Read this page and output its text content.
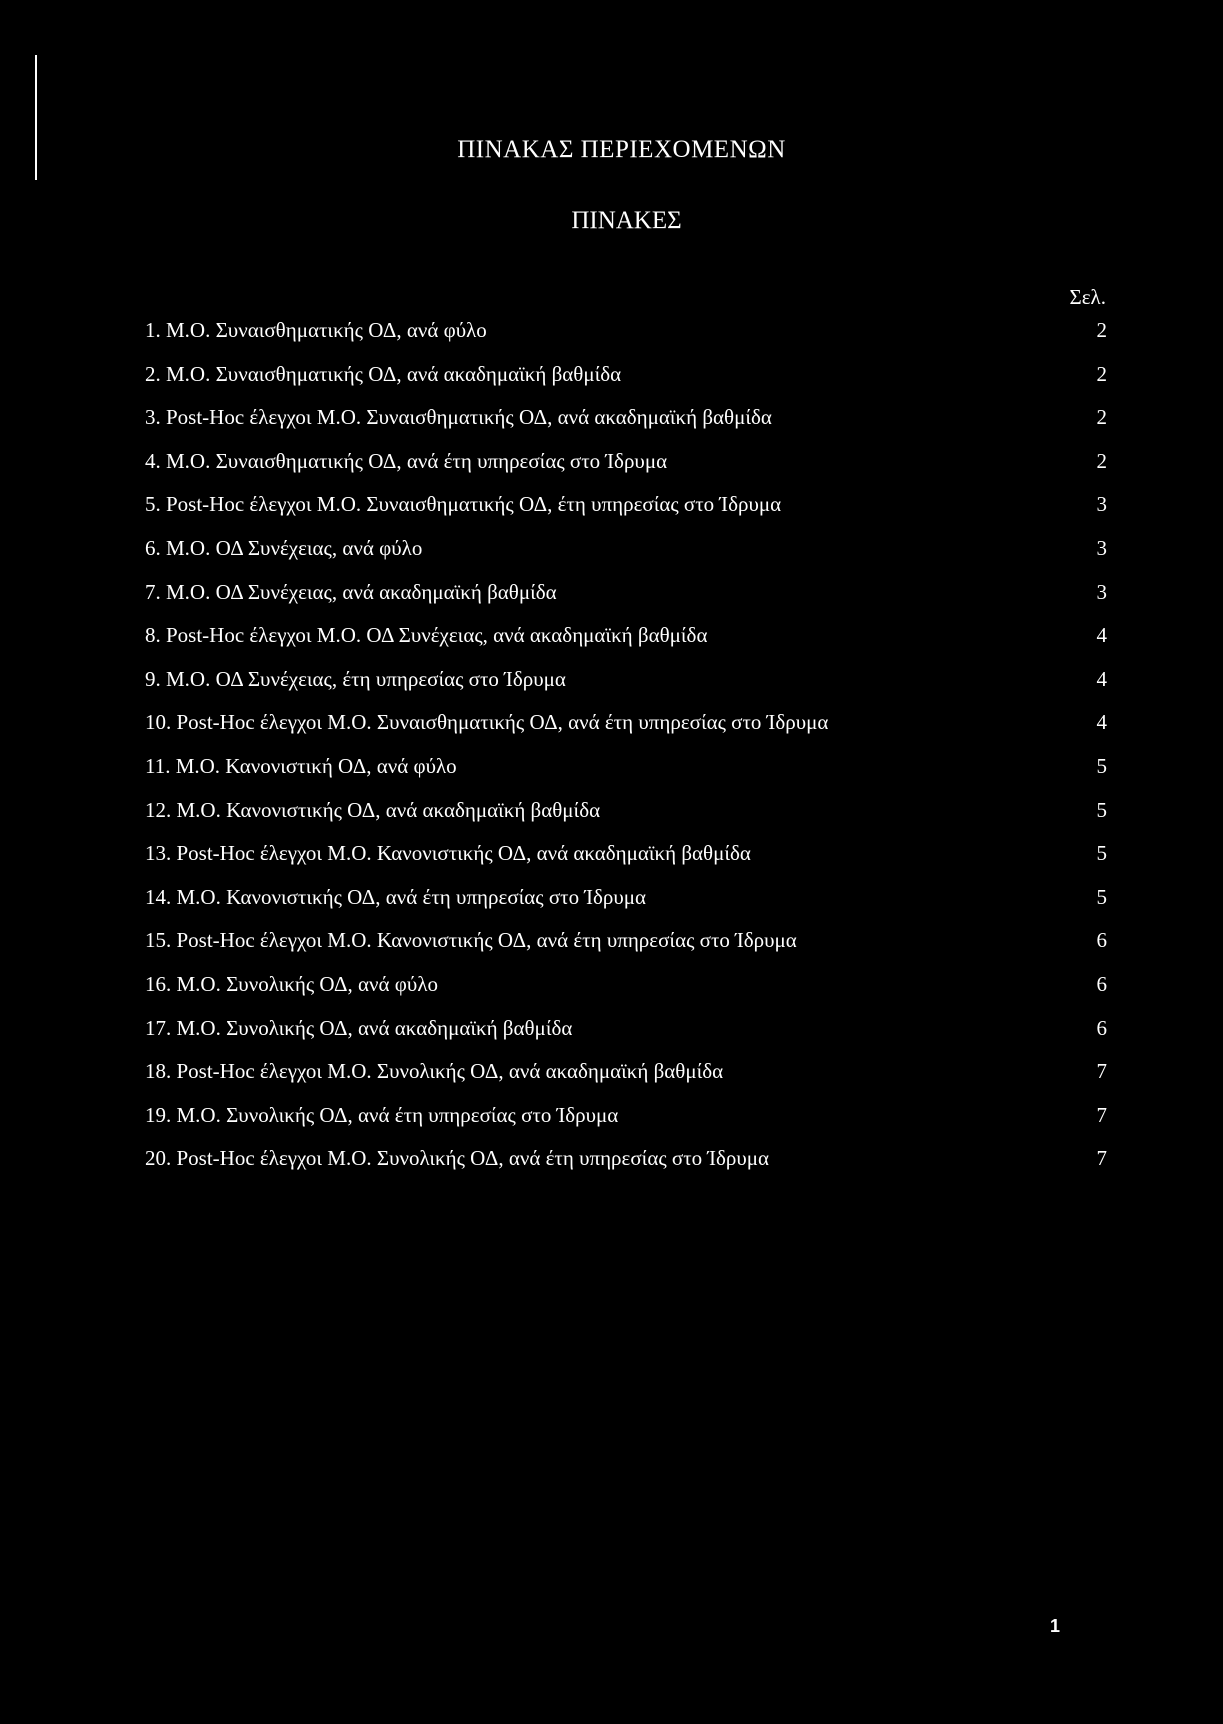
ΠΙΝΑΚΑΣ ΠΕΡΙΕΧΟΜΕΝΩΝ
ΠΙΝΑΚΕΣ
Σελ.
1. Μ.Ο. Συναισθηματικής ΟΔ, ανά φύλο	2
2. Μ.Ο. Συναισθηματικής ΟΔ, ανά ακαδημαϊκή βαθμίδα	2
3. Post-Hoc έλεγχοι Μ.Ο. Συναισθηματικής ΟΔ, ανά ακαδημαϊκή βαθμίδα	2
4. Μ.Ο. Συναισθηματικής ΟΔ, ανά έτη υπηρεσίας στο Ίδρυμα	2
5. Post-Hoc έλεγχοι Μ.Ο. Συναισθηματικής ΟΔ, έτη υπηρεσίας στο Ίδρυμα	3
6. Μ.Ο. ΟΔ Συνέχειας, ανά φύλο	3
7. Μ.Ο. ΟΔ Συνέχειας, ανά ακαδημαϊκή βαθμίδα	3
8. Post-Hoc έλεγχοι Μ.Ο. ΟΔ Συνέχειας, ανά ακαδημαϊκή βαθμίδα	4
9. Μ.Ο. ΟΔ Συνέχειας, έτη υπηρεσίας στο Ίδρυμα	4
10. Post-Hoc έλεγχοι Μ.Ο. Συναισθηματικής ΟΔ, ανά έτη υπηρεσίας στο Ίδρυμα	4
11. Μ.Ο. Κανονιστική ΟΔ, ανά φύλο	5
12. Μ.Ο. Κανονιστικής ΟΔ, ανά ακαδημαϊκή βαθμίδα	5
13. Post-Hoc έλεγχοι Μ.Ο. Κανονιστικής ΟΔ, ανά ακαδημαϊκή βαθμίδα	5
14. Μ.Ο. Κανονιστικής ΟΔ, ανά έτη υπηρεσίας στο Ίδρυμα	5
15. Post-Hoc έλεγχοι Μ.Ο. Κανονιστικής ΟΔ, ανά έτη υπηρεσίας στο Ίδρυμα	6
16. Μ.Ο. Συνολικής ΟΔ, ανά φύλο	6
17. Μ.Ο. Συνολικής ΟΔ, ανά ακαδημαϊκή βαθμίδα	6
18. Post-Hoc έλεγχοι Μ.Ο. Συνολικής ΟΔ, ανά ακαδημαϊκή βαθμίδα	7
19. Μ.Ο. Συνολικής ΟΔ, ανά έτη υπηρεσίας στο Ίδρυμα	7
20. Post-Hoc έλεγχοι Μ.Ο. Συνολικής ΟΔ, ανά έτη υπηρεσίας στο Ίδρυμα	7
1
